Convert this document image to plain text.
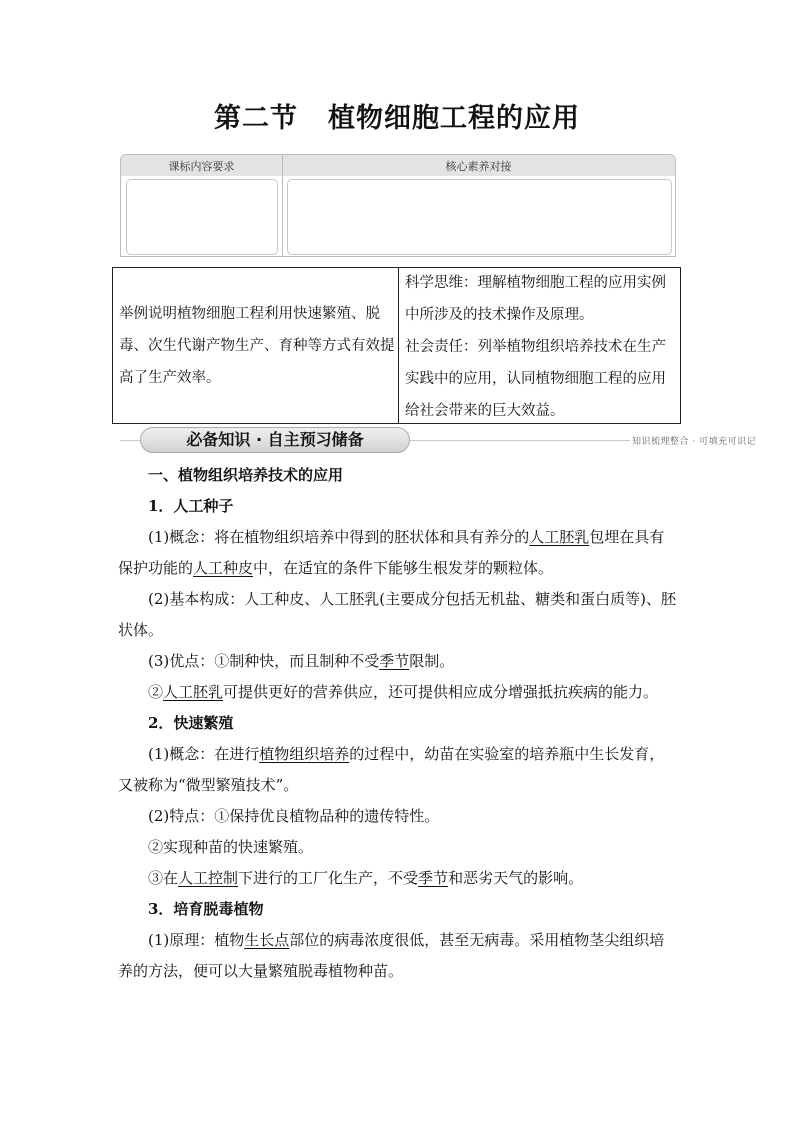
第二节 植物细胞工程的应用
课标内容要求	核心素养对接
举例说明植物细胞工程利用快速繁殖、脱毒、次生代谢产物生产、育种等方式有效提高了生产效率。
科学思维：理解植物细胞工程的应用实例中所涉及的技术操作及原理。
社会责任：列举植物组织培养技术在生产实践中的应用，认同植物细胞工程的应用给社会带来的巨大效益。
必备知识 · 自主预习储备	知识梳理整合 · 可填充可识记

一、植物组织培养技术的应用

1．人工种子

(1)概念：将在植物组织培养中得到的胚状体和具有养分的人工胚乳包埋在具有保护功能的人工种皮中，在适宜的条件下能够生根发芽的颗粒体。

(2)基本构成：人工种皮、人工胚乳(主要成分包括无机盐、糖类和蛋白质等)、胚状体。

(3)优点：①制种快，而且制种不受季节限制。

②人工胚乳可提供更好的营养供应，还可提供相应成分增强抵抗疾病的能力。

2．快速繁殖

(1)概念：在进行植物组织培养的过程中，幼苗在实验室的培养瓶中生长发育，又被称为“微型繁殖技术”。

(2)特点：①保持优良植物品种的遗传特性。

②实现种苗的快速繁殖。

③在人工控制下进行的工厂化生产，不受季节和恶劣天气的影响。

3．培育脱毒植物

(1)原理：植物生长点部位的病毒浓度很低，甚至无病毒。采用植物茎尖组织培养的方法，便可以大量繁殖脱毒植物种苗。
